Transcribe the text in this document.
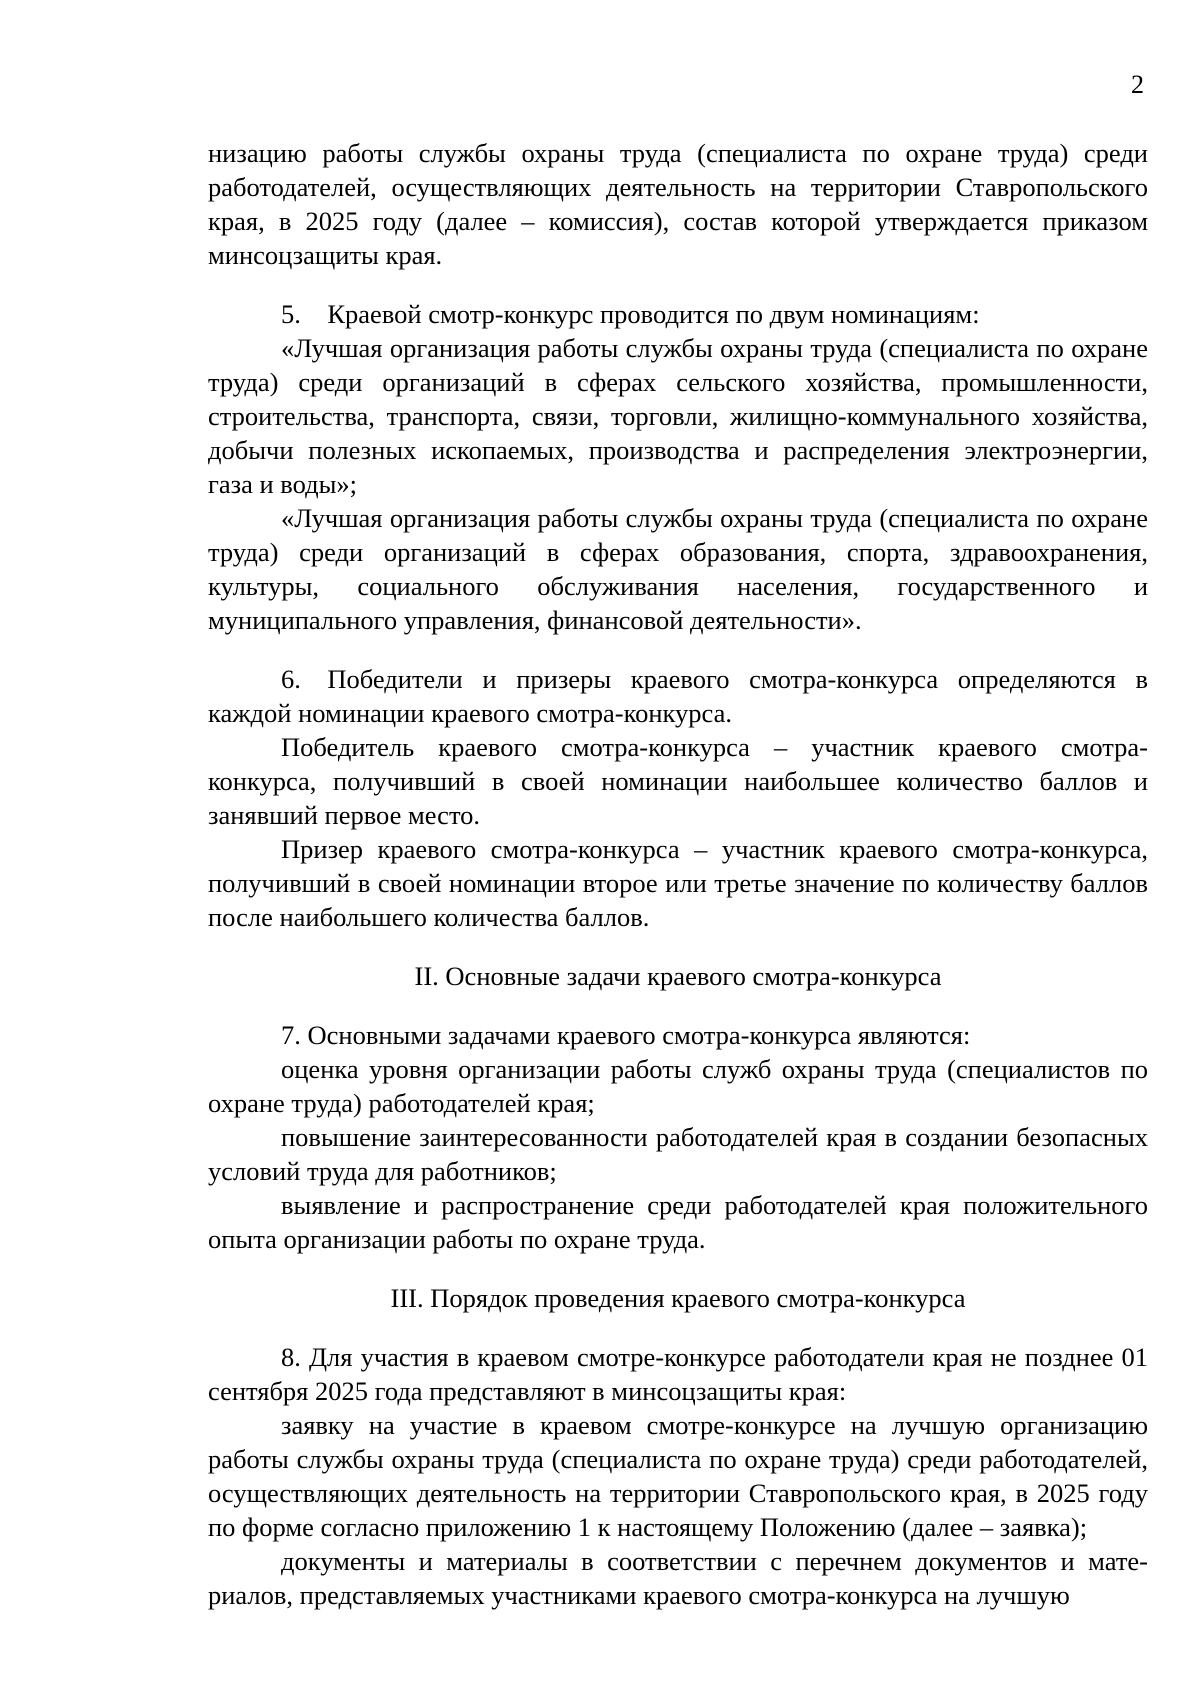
2

низацию работы службы охраны труда (специалиста по охране труда) среди работодателей, осуществляющих деятельность на территории Ставропольского края, в 2025 году (далее – комиссия), состав которой утверждается приказом минсоцзащиты края.

5. Краевой смотр-конкурс проводится по двум номинациям:

«Лучшая организация работы службы охраны труда (специалиста по охране труда) среди организаций в сферах сельского хозяйства, промышленности, строительства, транспорта, связи, торговли, жилищно-коммунального хозяйства, добычи полезных ископаемых, производства и распределения электроэнергии, газа и воды»;

«Лучшая организация работы службы охраны труда (специалиста по охране труда) среди организаций в сферах образования, спорта, здравоохранения, культуры, социального обслуживания населения, государственного и муниципального управления, финансовой деятельности».

6. Победители и призеры краевого смотра-конкурса определяются в каждой номинации краевого смотра-конкурса.

Победитель краевого смотра-конкурса – участник краевого смотра-конкурса, получивший в своей номинации наибольшее количество баллов и занявший первое место.

Призер краевого смотра-конкурса – участник краевого смотра-конкурса, получивший в своей номинации второе или третье значение по количеству баллов после наибольшего количества баллов.

II. Основные задачи краевого смотра-конкурса

7. Основными задачами краевого смотра-конкурса являются:

оценка уровня организации работы служб охраны труда (специалистов по охране труда) работодателей края;

повышение заинтересованности работодателей края в создании безопасных условий труда для работников;

выявление и распространение среди работодателей края положительного опыта организации работы по охране труда.

III. Порядок проведения краевого смотра-конкурса

8. Для участия в краевом смотре-конкурсе работодатели края не позднее 01 сентября 2025 года представляют в минсоцзащиты края:

заявку на участие в краевом смотре-конкурсе на лучшую организацию работы службы охраны труда (специалиста по охране труда) среди работодателей, осуществляющих деятельность на территории Ставропольского края, в 2025 году по форме согласно приложению 1 к настоящему Положению (далее – заявка);

документы и материалы в соответствии с перечнем документов и материалов, представляемых участниками краевого смотра-конкурса на лучшую
